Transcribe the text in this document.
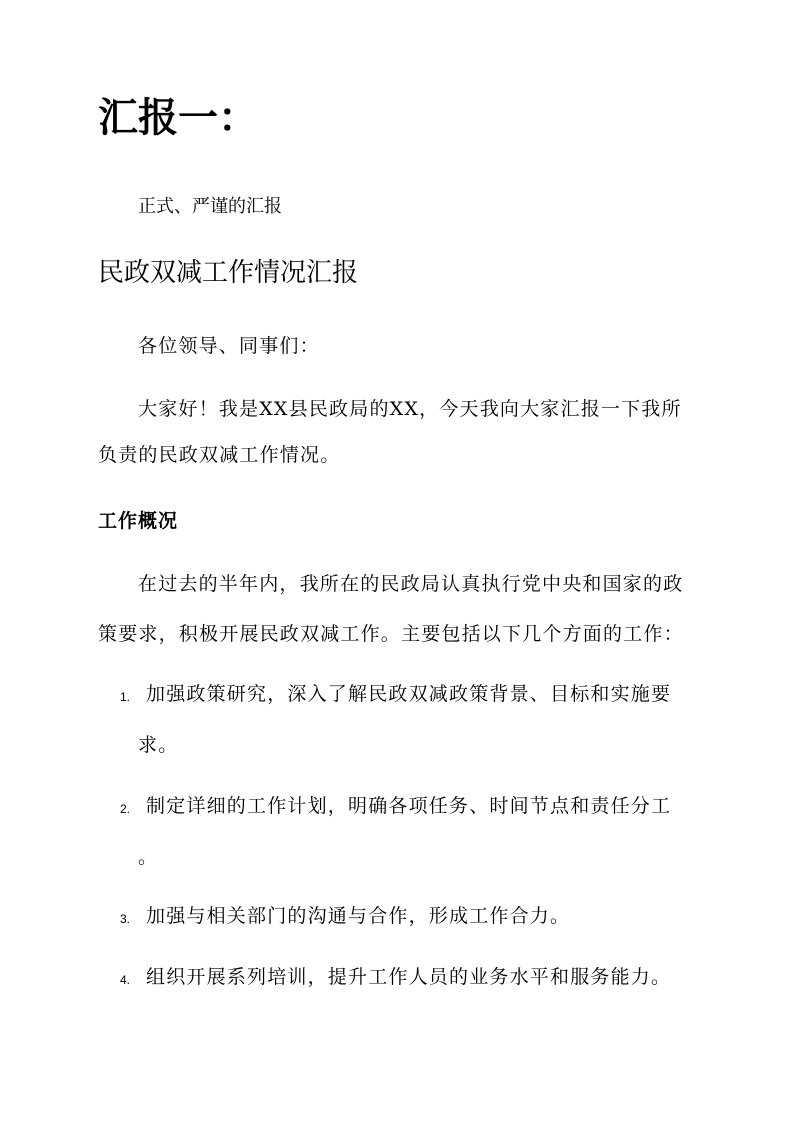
汇报一：
正式、严谨的汇报
民政双减工作情况汇报
各位领导、同事们：
大家好！我是XX县民政局的XX，今天我向大家汇报一下我所
负责的民政双减工作情况。
工作概况
在过去的半年内，我所在的民政局认真执行党中央和国家的政
策要求，积极开展民政双减工作。主要包括以下几个方面的工作：
1. 加强政策研究，深入了解民政双减政策背景、目标和实施要
求。
2. 制定详细的工作计划，明确各项任务、时间节点和责任分工
。
3. 加强与相关部门的沟通与合作，形成工作合力。
4. 组织开展系列培训，提升工作人员的业务水平和服务能力。
